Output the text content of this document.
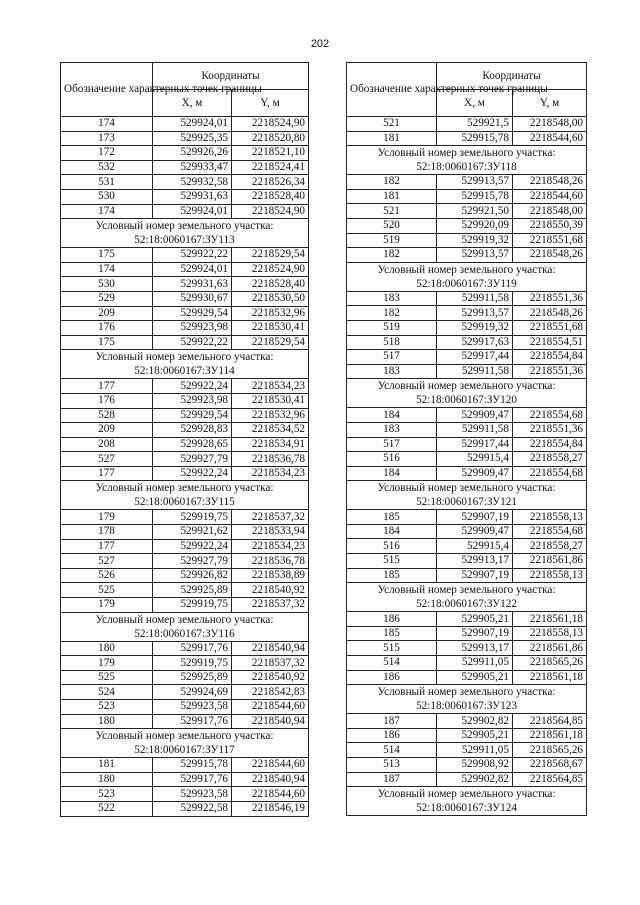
202
Обозначение характерных точек границы	Координаты	
	X, м	Y, м
174	529924,01	2218524,90
173	529925,35	2218520,80
172	529926,26	2218521,10
532	529933,47	2218524,41
531	529932,58	2218526,34
530	529931,63	2218528,40
174	529924,01	2218524,90
Условный номер земельного участка: 52:18:0060167:ЗУ113		
175	529922,22	2218529,54
174	529924,01	2218524,90
530	529931,63	2218528,40
529	529930,67	2218530,50
209	529929,54	2218532,96
176	529923,98	2218530,41
175	529922,22	2218529,54
Условный номер земельного участка: 52:18:0060167:ЗУ114		
177	529922,24	2218534,23
176	529923,98	2218530,41
528	529929,54	2218532,96
209	529928,83	2218534,52
208	529928,65	2218534,91
527	529927,79	2218536,78
177	529922,24	2218534,23
Условный номер земельного участка: 52:18:0060167:ЗУ115		
179	529919,75	2218537,32
178	529921,62	2218533,94
177	529922,24	2218534,23
527	529927,79	2218536,78
526	529926,82	2218538,89
525	529925,89	2218540,92
179	529919,75	2218537,32
Условный номер земельного участка: 52:18:0060167:ЗУ116		
180	529917,76	2218540,94
179	529919,75	2218537,32
525	529925,89	2218540,92
524	529924,69	2218542,83
523	529923,58	2218544,60
180	529917,76	2218540,94
Условный номер земельного участка: 52:18:0060167:ЗУ117		
181	529915,78	2218544,60
180	529917,76	2218540,94
523	529923,58	2218544,60
522	529922,58	2218546,19
Обозначение характерных точек границы	Координаты	
	X, м	Y, м
521	529921,5	2218548,00
181	529915,78	2218544,60
Условный номер земельного участка: 52:18:0060167:ЗУ118		
182	529913,57	2218548,26
181	529915,78	2218544,60
521	529921,50	2218548,00
520	529920,09	2218550,39
519	529919,32	2218551,68
182	529913,57	2218548,26
Условный номер земельного участка: 52:18:0060167:ЗУ119		
183	529911,58	2218551,36
182	529913,57	2218548,26
519	529919,32	2218551,68
518	529917,63	2218554,51
517	529917,44	2218554,84
183	529911,58	2218551,36
Условный номер земельного участка: 52:18:0060167:ЗУ120		
184	529909,47	2218554,68
183	529911,58	2218551,36
517	529917,44	2218554,84
516	529915,4	2218558,27
184	529909,47	2218554,68
Условный номер земельного участка: 52:18:0060167:ЗУ121		
185	529907,19	2218558,13
184	529909,47	2218554,68
516	529915,4	2218558,27
515	529913,17	2218561,86
185	529907,19	2218558,13
Условный номер земельного участка: 52:18:0060167:ЗУ122		
186	529905,21	2218561,18
185	529907,19	2218558,13
515	529913,17	2218561,86
514	529911,05	2218565,26
186	529905,21	2218561,18
Условный номер земельного участка: 52:18:0060167:ЗУ123		
187	529902,82	2218564,85
186	529905,21	2218561,18
514	529911,05	2218565,26
513	529908,92	2218568,67
187	529902,82	2218564,85
Условный номер земельного участка: 52:18:0060167:ЗУ124		
